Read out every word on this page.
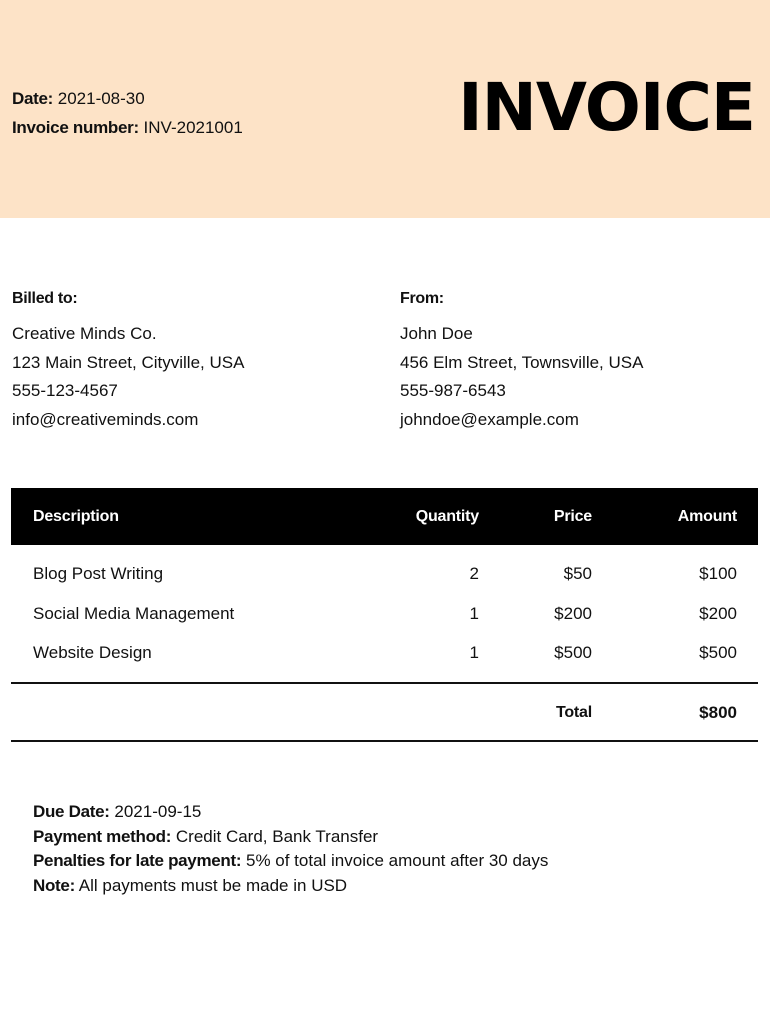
Date: 2021-08-30
Invoice number: INV-2021001	INVOICE
Billed to:
Creative Minds Co.
123 Main Street, Cityville, USA
555-123-4567
info@creativeminds.com
From:
John Doe
456 Elm Street, Townsville, USA
555-987-6543
johndoe@example.com
Description	Quantity	Price	Amount
Blog Post Writing	2	$50	$100
Social Media Management	1	$200	$200
Website Design	1	$500	$500
Total	$800
Due Date: 2021-09-15
Payment method: Credit Card, Bank Transfer
Penalties for late payment: 5% of total invoice amount after 30 days
Note: All payments must be made in USD
